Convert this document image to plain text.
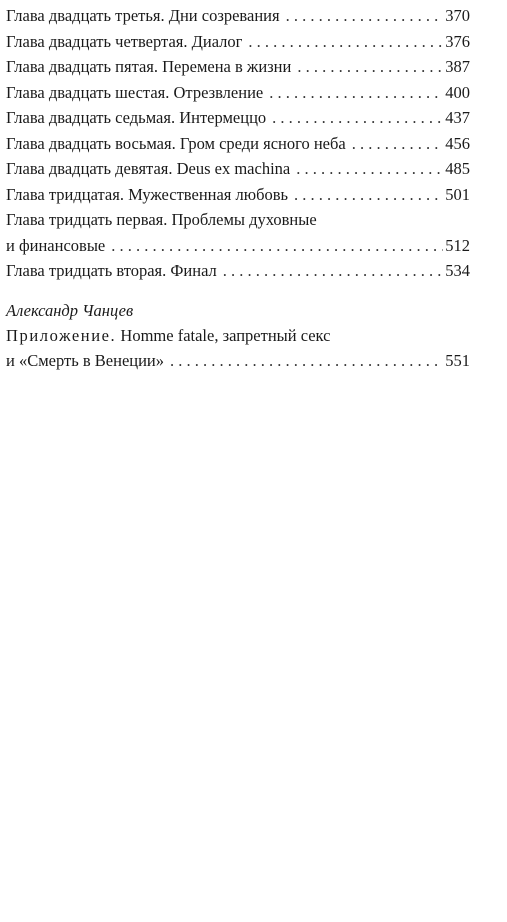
Глава двадцать третья. Дни созревания . . .	370
Глава двадцать четвертая. Диалог . . .	376
Глава двадцать пятая. Перемена в жизни . . .	387
Глава двадцать шестая. Отрезвление . . .	400
Глава двадцать седьмая. Интермеццо . . .	437
Глава двадцать восьмая. Гром среди ясного неба . . .	456
Глава двадцать девятая. Deus ex machina . . .	485
Глава тридцатая. Мужественная любовь . . .	501
Глава тридцать первая. Проблемы духовные
и финансовые . . .	512
Глава тридцать вторая. Финал . . .	534
Александр Чанцев
Приложение. Homme fatale, запретный секс
и «Смерть в Венеции» . . .	551
